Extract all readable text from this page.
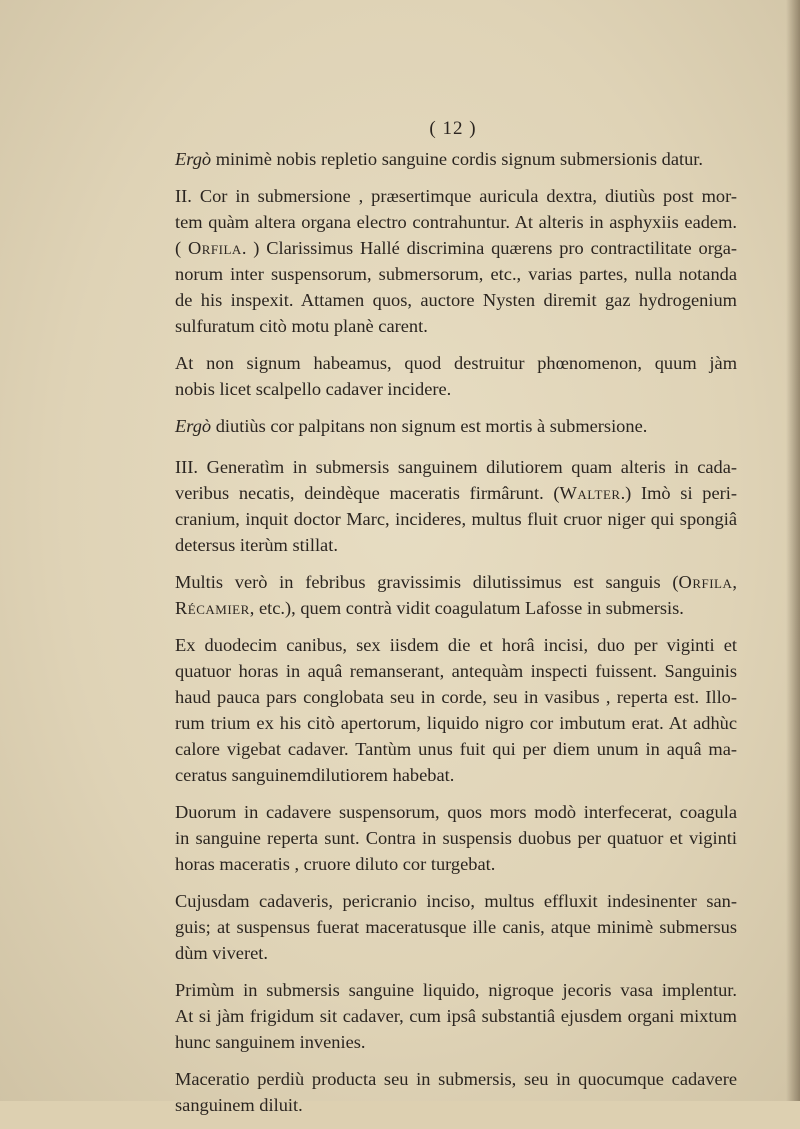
( 12 )

Ergò minimè nobis repletio sanguine cordis signum submersionis datur.

II. Cor in submersione , præsertimque auricula dextra, diutiùs post mor-
tem quàm altera organa electro contrahuntur. At alteris in asphyxiis eadem.
( Orfila. ) Clarissimus Hallé discrimina quærens pro contractilitate orga-
norum inter suspensorum, submersorum, etc., varias partes, nulla notanda
de his inspexit. Attamen quos, auctore Nysten diremit gaz hydrogenium
sulfuratum citò motu planè carent.

At non signum habeamus, quod destruitur phœnomenon, quum jàm
nobis licet scalpello cadaver incidere.

Ergò diutiùs cor palpitans non signum est mortis à submersione.

III. Generatìm in submersis sanguinem dilutiorem quam alteris in cada-
veribus necatis, deindèque maceratis firmârunt. (Walter.) Imò si peri-
cranium, inquit doctor Marc, incideres, multus fluit cruor niger qui spongiâ
detersus iterùm stillat.

Multis verò in febribus gravissimis dilutissimus est sanguis (Orfila,
Récamier, etc.), quem contrà vidit coagulatum Lafosse in submersis.

Ex duodecim canibus, sex iisdem die et horâ incisi, duo per viginti et
quatuor horas in aquâ remanserant, antequàm inspecti fuissent. Sanguinis
haud pauca pars conglobata seu in corde, seu in vasibus , reperta est. Illo-
rum trium ex his citò apertorum, liquido nigro cor imbutum erat. At adhùc
calore vigebat cadaver. Tantùm unus fuit qui per diem unum in aquâ ma-
ceratus sanguinemdilutiorem habebat.

Duorum in cadavere suspensorum, quos mors modò interfecerat, coagula
in sanguine reperta sunt. Contra in suspensis duobus per quatuor et viginti
horas maceratis , cruore diluto cor turgebat.

Cujusdam cadaveris, pericranio inciso, multus effluxit indesinenter san-
guis; at suspensus fuerat maceratusque ille canis, atque minimè submersus
dùm viveret.

Primùm in submersis sanguine liquido, nigroque jecoris vasa implentur.
At si jàm frigidum sit cadaver, cum ipsâ substantiâ ejusdem organi mixtum
hunc sanguinem invenies.

Maceratio perdiù producta seu in submersis, seu in quocumque cadavere
sanguinem diluit.
